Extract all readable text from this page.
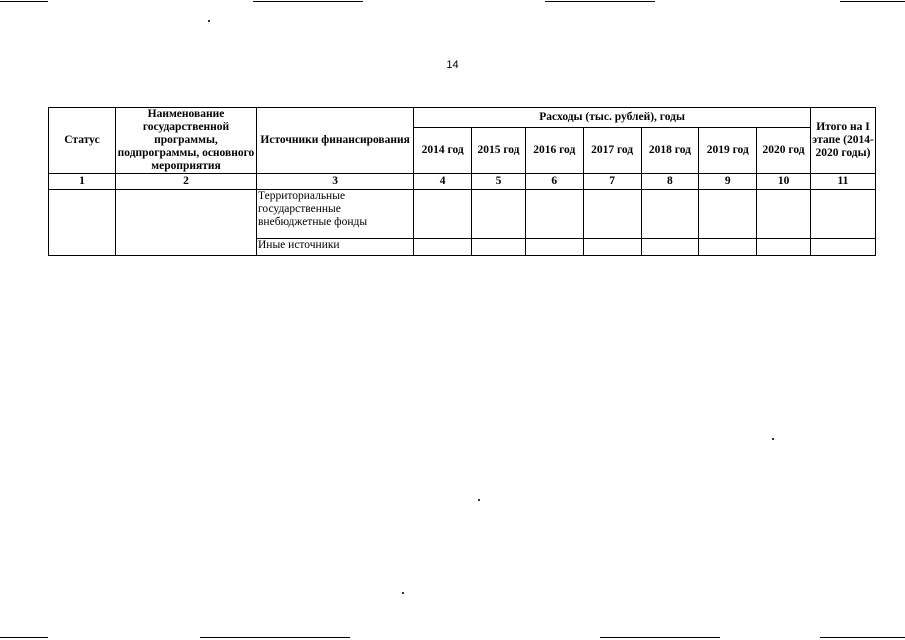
14
Статус	Наименование государственной программы, подпрограммы, основного мероприятия	Источники финансирования	Расходы (тыс. рублей), годы							Итого на I этапе (2014-2020 годы)
			2014 год	2015 год	2016 год	2017 год	2018 год	2019 год	2020 год	
1	2	3	4	5	6	7	8	9	10	11
		Территориальные государственные внебюджетные фонды								
		Иные источники								
